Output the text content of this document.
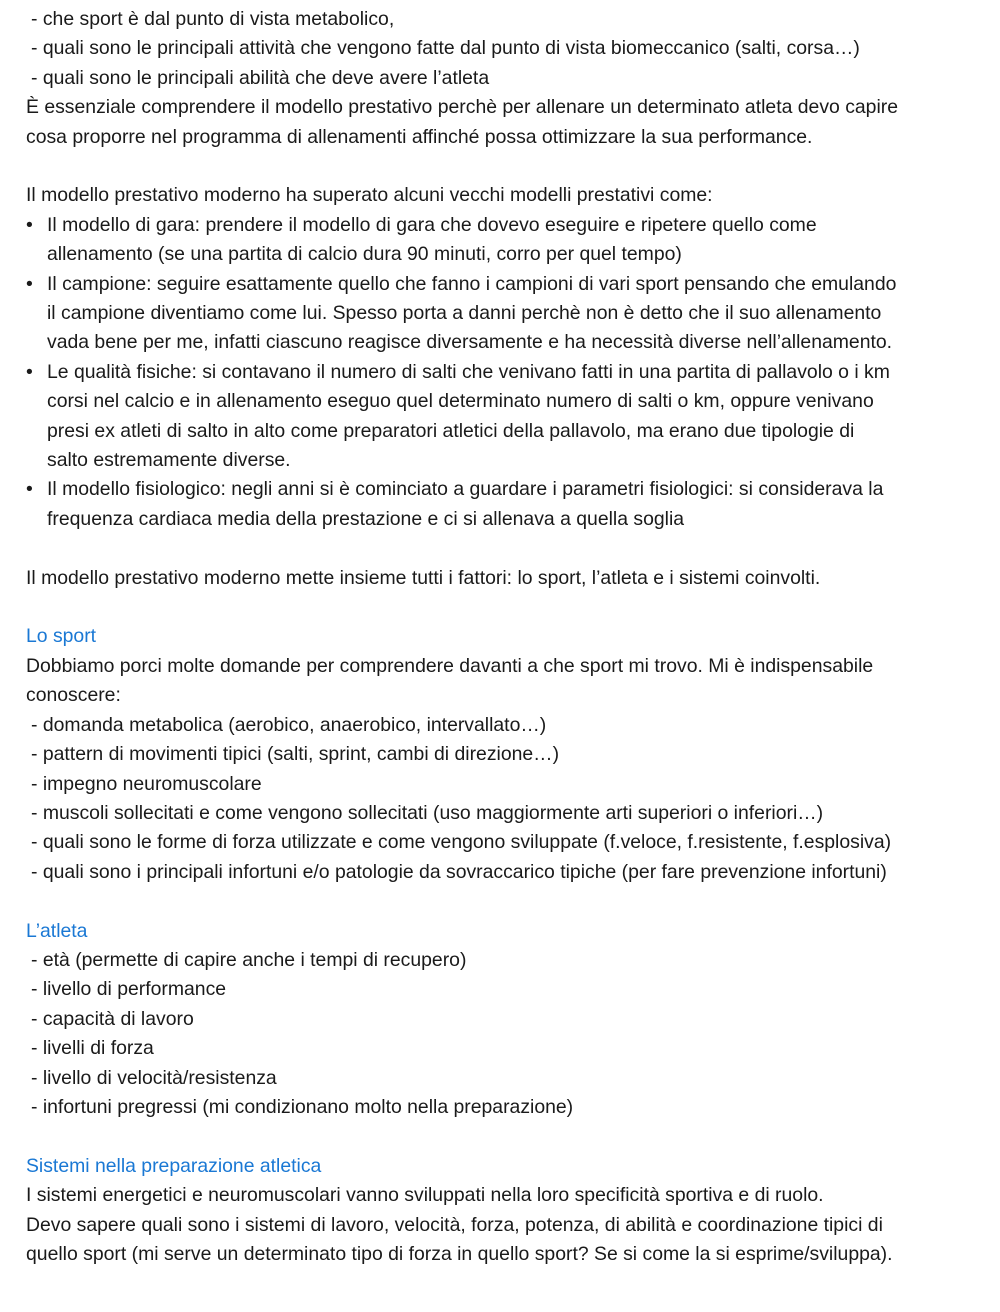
- che sport è dal punto di vista metabolico,

- quali sono le principali attività che vengono fatte dal punto di vista biomeccanico (salti, corsa…)

- quali sono le principali abilità che deve avere l’atleta

È essenziale comprendere il modello prestativo perchè per allenare un determinato atleta devo capire

cosa proporre nel programma di allenamenti affinché possa ottimizzare la sua performance.

Il modello prestativo moderno ha superato alcuni vecchi modelli prestativi come:

• Il modello di gara: prendere il modello di gara che dovevo eseguire e ripetere quello come
allenamento (se una partita di calcio dura 90 minuti, corro per quel tempo)
• Il campione: seguire esattamente quello che fanno i campioni di vari sport pensando che emulando
il campione diventiamo come lui. Spesso porta a danni perchè non è detto che il suo allenamento
vada bene per me, infatti ciascuno reagisce diversamente e ha necessità diverse nell’allenamento.
• Le qualità fisiche: si contavano il numero di salti che venivano fatti in una partita di pallavolo o i km
corsi nel calcio e in allenamento eseguo quel determinato numero di salti o km, oppure venivano
presi ex atleti di salto in alto come preparatori atletici della pallavolo, ma erano due tipologie di
salto estremamente diverse.
• Il modello fisiologico: negli anni si è cominciato a guardare i parametri fisiologici: si considerava la
frequenza cardiaca media della prestazione e ci si allenava a quella soglia

Il modello prestativo moderno mette insieme tutti i fattori: lo sport, l’atleta e i sistemi coinvolti.

Lo sport

Dobbiamo porci molte domande per comprendere davanti a che sport mi trovo. Mi è indispensabile

conoscere:

- domanda metabolica (aerobico, anaerobico, intervallato…)

- pattern di movimenti tipici (salti, sprint, cambi di direzione…)

- impegno neuromuscolare

- muscoli sollecitati e come vengono sollecitati (uso maggiormente arti superiori o inferiori…)

- quali sono le forme di forza utilizzate e come vengono sviluppate (f.veloce, f.resistente, f.esplosiva)

- quali sono i principali infortuni e/o patologie da sovraccarico tipiche (per fare prevenzione infortuni)

L’atleta

- età (permette di capire anche i tempi di recupero)

- livello di performance

- capacità di lavoro

- livelli di forza

- livello di velocità/resistenza

- infortuni pregressi (mi condizionano molto nella preparazione)

Sistemi nella preparazione atletica

I sistemi energetici e neuromuscolari vanno sviluppati nella loro specificità sportiva e di ruolo.

Devo sapere quali sono i sistemi di lavoro, velocità, forza, potenza, di abilità e coordinazione tipici di

quello sport (mi serve un determinato tipo di forza in quello sport? Se si come la si esprime/sviluppa).
